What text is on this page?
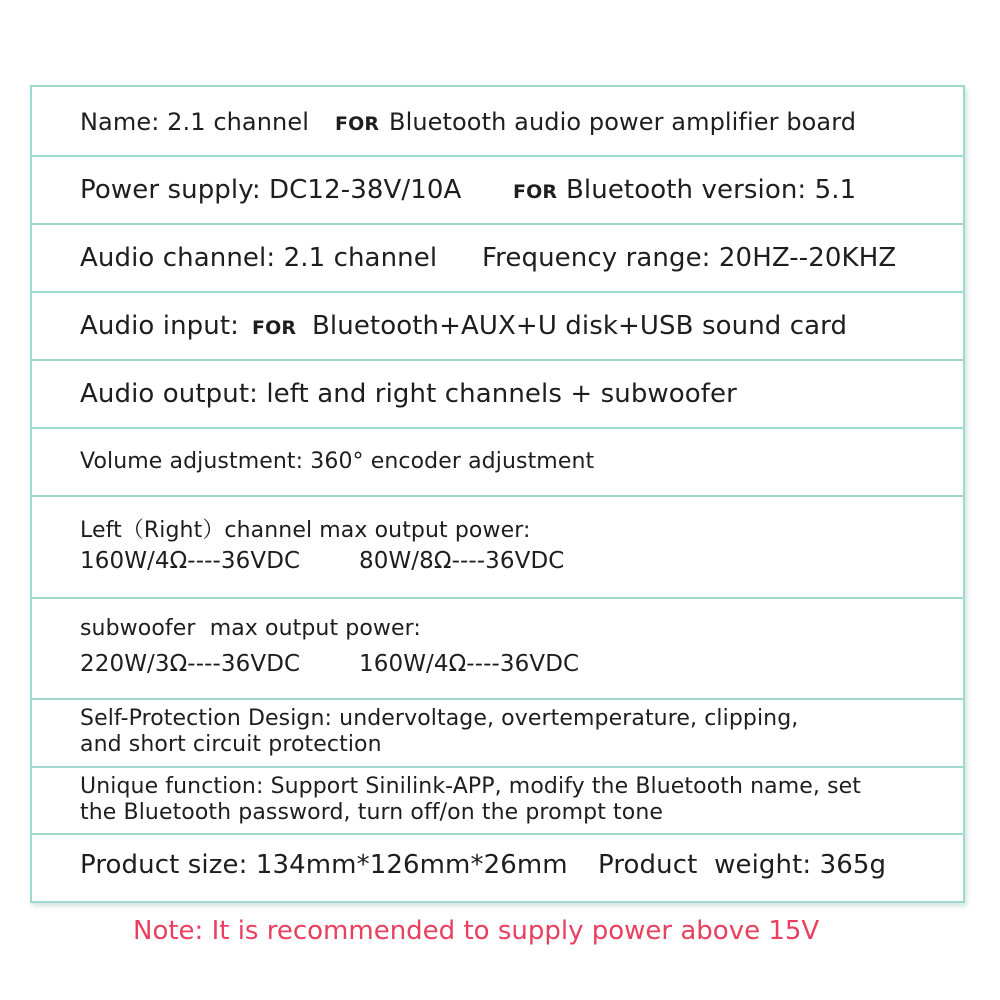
Name: 2.1 channel FOR Bluetooth audio power amplifier board
Power supply: DC12-38V/10A	FOR Bluetooth version: 5.1
Audio channel: 2.1 channel Frequency range: 20HZ--20KHZ
Audio input: FOR Bluetooth+AUX+U disk+USB sound card
Audio output: left and right channels + subwoofer
Volume adjustment: 360° encoder adjustment
Left（Right）channel max output power:
160W/4Ω----36VDC	80W/8Ω----36VDC
subwoofer  max output power:
220W/3Ω----36VDC	160W/4Ω----36VDC
Self-Protection Design: undervoltage, overtemperature, clipping,
and short circuit protection
Unique function: Support Sinilink-APP, modify the Bluetooth name, set
the Bluetooth password, turn off/on the prompt tone
Product size: 134mm*126mm*26mm Product  weight: 365g
Note: It is recommended to supply power above 15V
